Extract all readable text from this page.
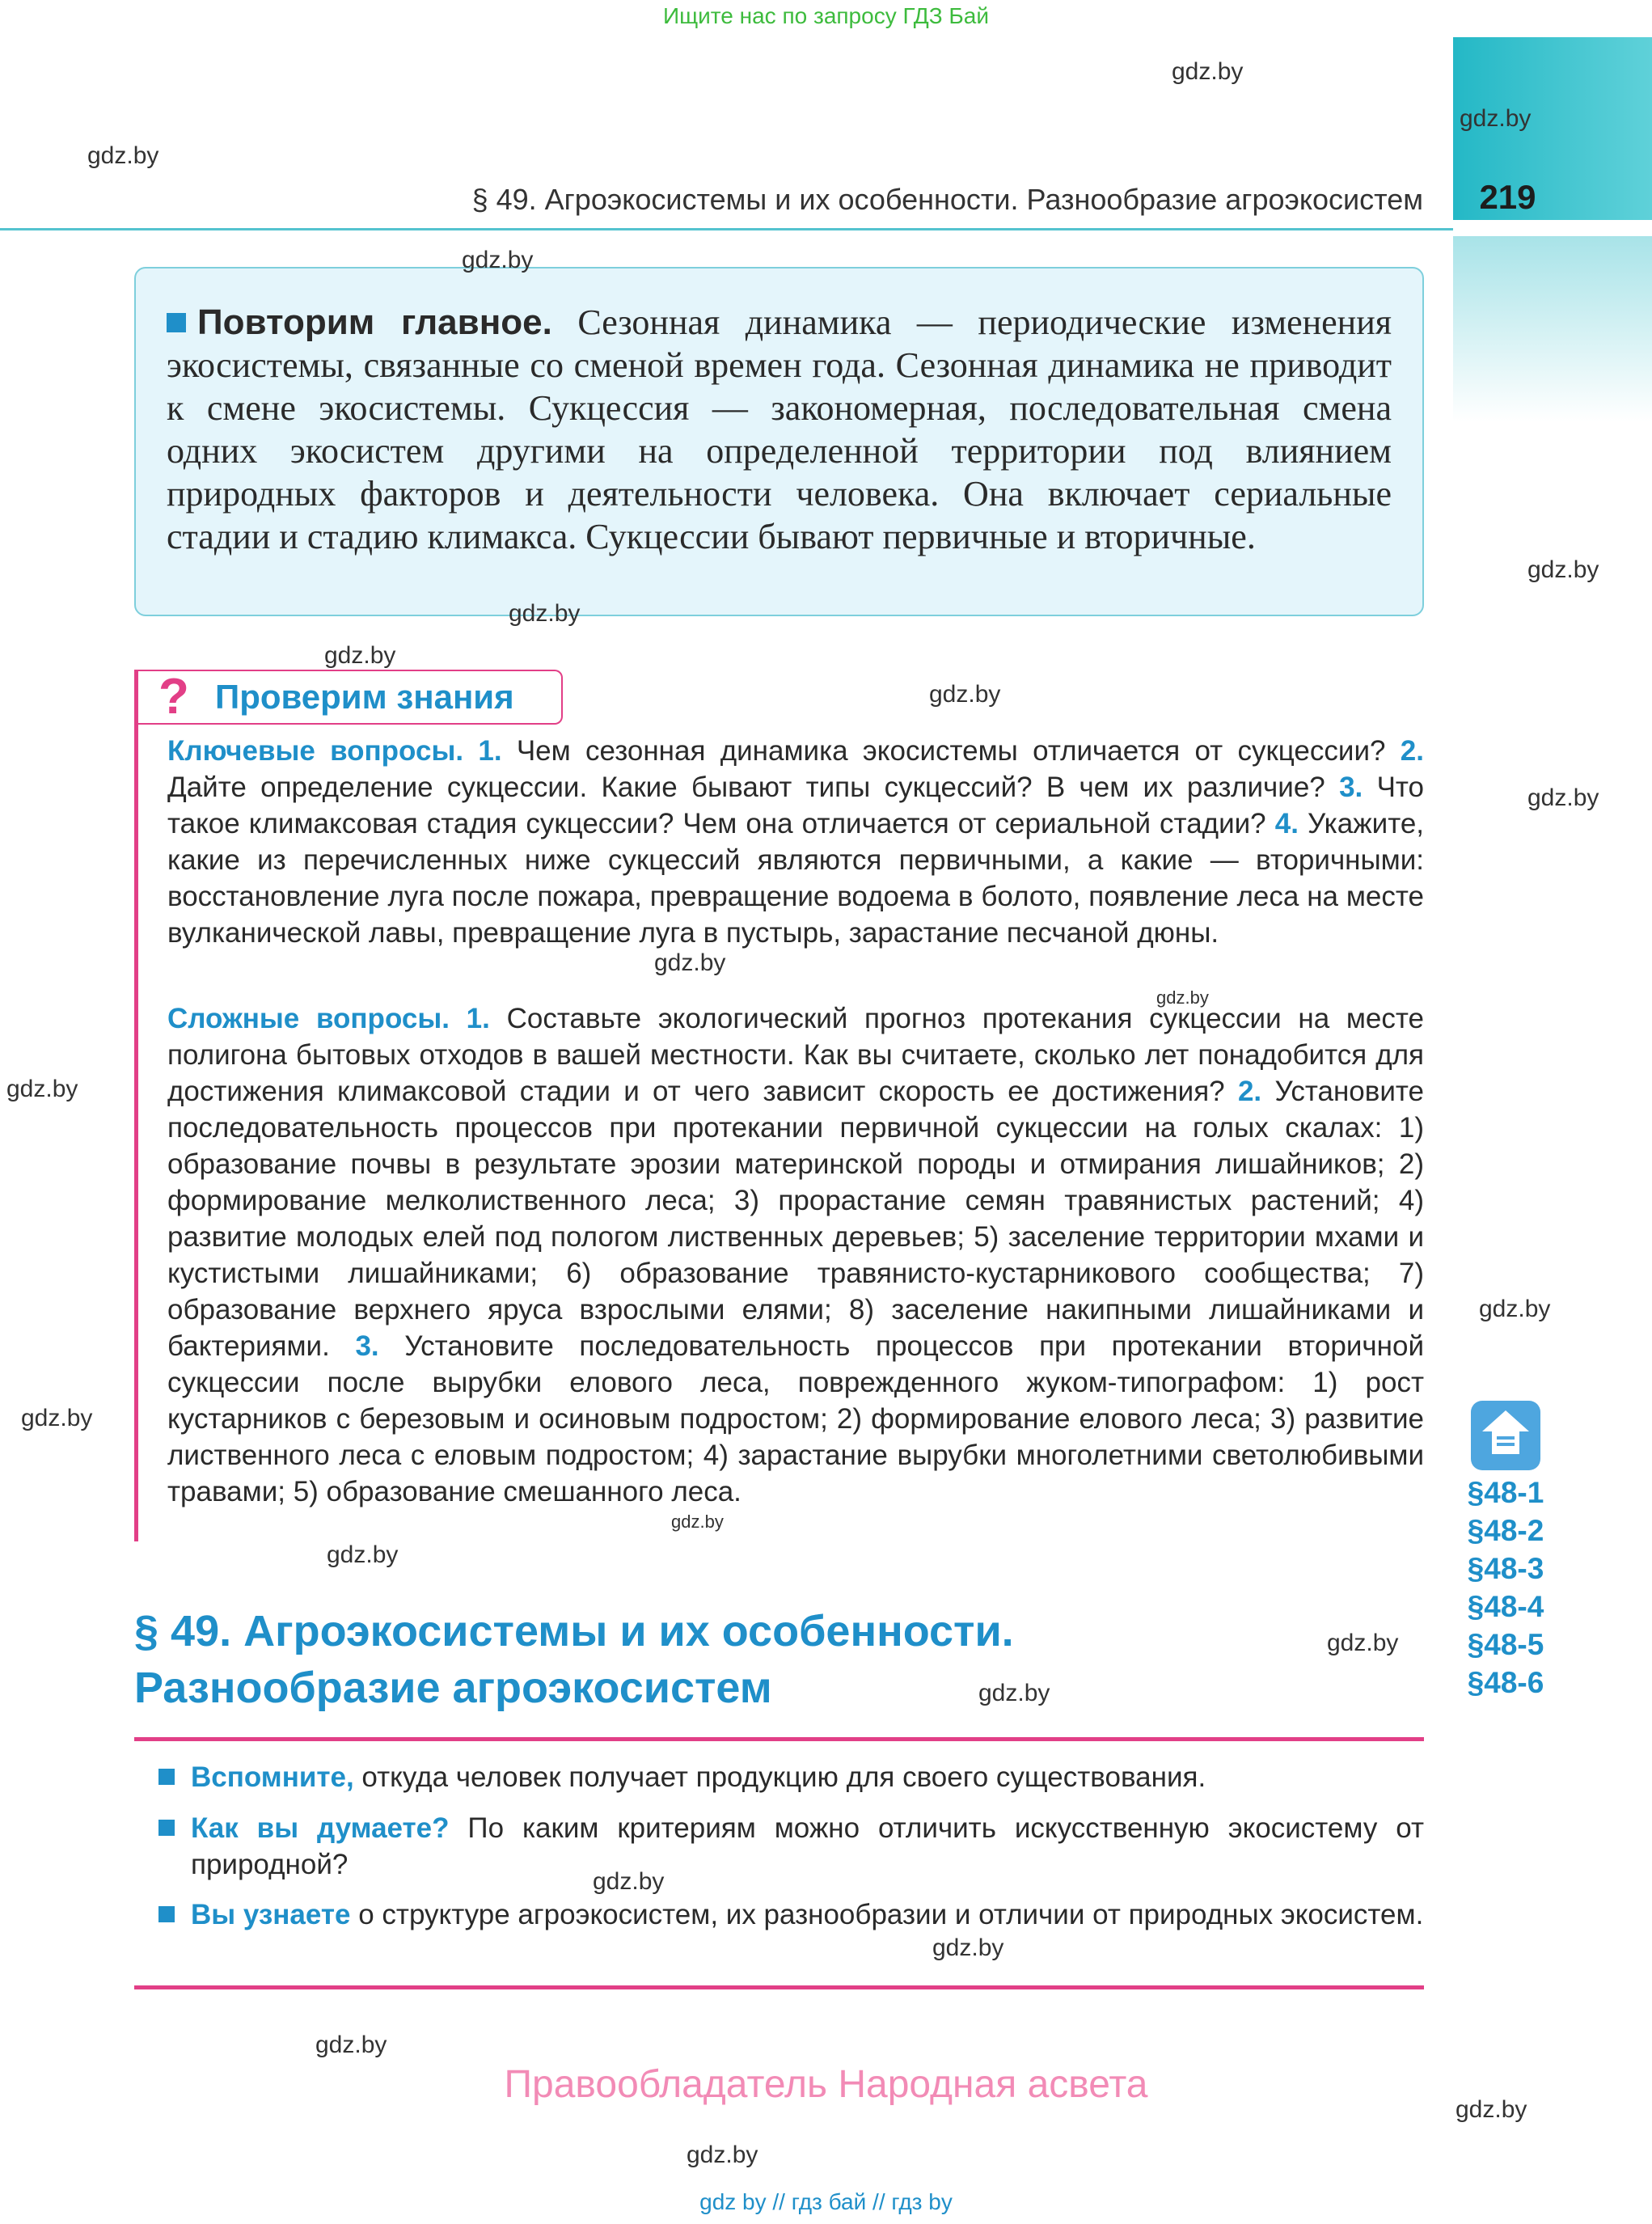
Ищите нас по запросу ГДЗ Бай
219
§ 49. Агроэкосистемы и их особенности. Разнообразие агроэкосистем
Повторим главное. Сезонная динамика — периодические изменения экосистемы, связанные со сменой времен года. Сезонная динамика не приводит к смене экосистемы. Сукцессия — закономерная, последовательная смена одних экосистем другими на определенной территории под влиянием природных факторов и деятельности человека. Она включает сериальные стадии и стадию климакса. Сукцессии бывают первичные и вторичные.
? Проверим знания
Ключевые вопросы. 1. Чем сезонная динамика экосистемы отличается от сукцессии? 2. Дайте определение сукцессии. Какие бывают типы сукцессий? В чем их различие? 3. Что такое климаксовая стадия сукцессии? Чем она отличается от сериальной стадии? 4. Укажите, какие из перечисленных ниже сукцессий являются первичными, а какие — вторичными: восстановление луга после пожара, превращение водоема в болото, появление леса на месте вулканической лавы, превращение луга в пустырь, зарастание песчаной дюны.
Сложные вопросы. 1. Составьте экологический прогноз протекания сукцессии на месте полигона бытовых отходов в вашей местности. Как вы считаете, сколько лет понадобится для достижения климаксовой стадии и от чего зависит скорость ее достижения? 2. Установите последовательность процессов при протекании первичной сукцессии на голых скалах: 1) образование почвы в результате эрозии материнской породы и отмирания лишайников; 2) формирование мелколиственного леса; 3) прорастание семян травянистых растений; 4) развитие молодых елей под пологом лиственных деревьев; 5) заселение территории мхами и кустистыми лишайниками; 6) образование травянисто-кустарникового сообщества; 7) образование верхнего яруса взрослыми елями; 8) заселение накипными лишайниками и бактериями. 3. Установите последовательность процессов при протекании вторичной сукцессии после вырубки елового леса, поврежденного жуком-типографом: 1) рост кустарников с березовым и осиновым подростом; 2) формирование елового леса; 3) развитие лиственного леса с еловым подростом; 4) зарастание вырубки многолетними светолюбивыми травами; 5) образование смешанного леса.
§ 49. Агроэкосистемы и их особенности.
Разнообразие агроэкосистем
Вспомните, откуда человек получает продукцию для своего существования.
Как вы думаете? По каким критериям можно отличить искусственную экосистему от природной?
Вы узнаете о структуре агроэкосистем, их разнообразии и отличии от природных экосистем.
§48-1
§48-2
§48-3
§48-4
§48-5
§48-6
Правообладатель Народная асвета
gdz by // гдз бай // гдз by
gdz.by
gdz.by
gdz.by
gdz.by
gdz.by
gdz.by
gdz.by
gdz.by
gdz.by
gdz.by
gdz.by
gdz.by
gdz.by
gdz.by
gdz.by
gdz.by
gdz.by
gdz.by
gdz.by
gdz.by
gdz.by
gdz.by
gdz.by
